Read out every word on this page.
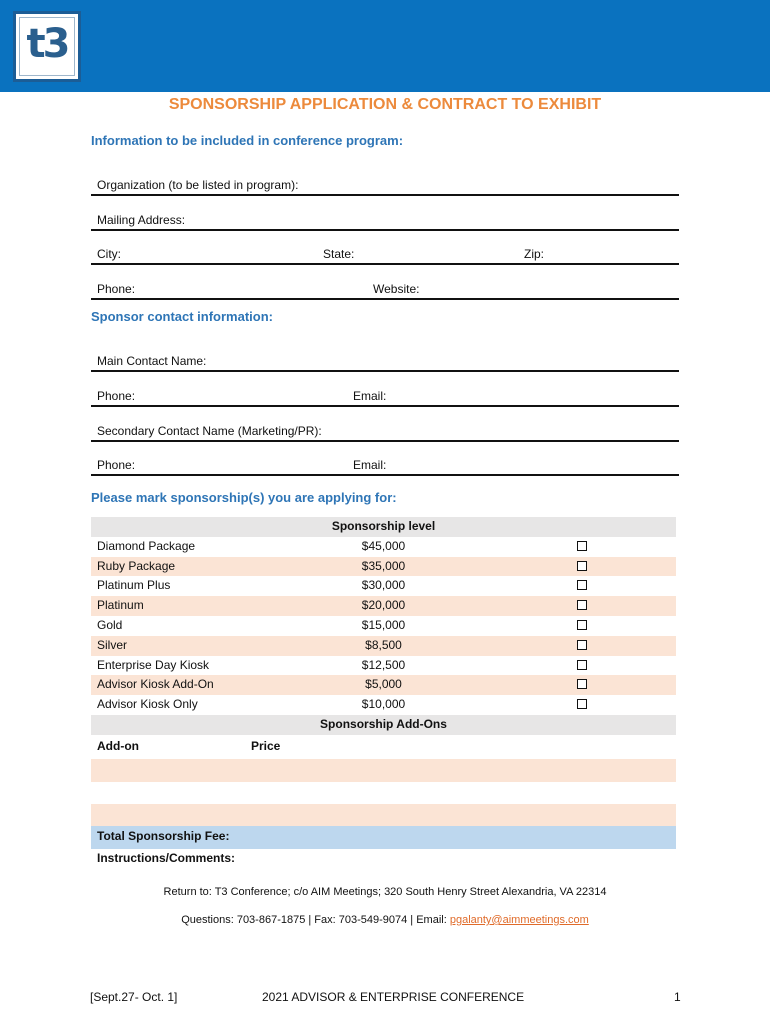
t3
SPONSORSHIP APPLICATION & CONTRACT TO EXHIBIT
Information to be included in conference program:
Organization (to be listed in program):
Mailing Address:
City:	State:	Zip:
Phone:	Website:
Sponsor contact information:
Main Contact Name:
Phone:	Email:
Secondary Contact Name (Marketing/PR):
Phone:	Email:
Please mark sponsorship(s) you are applying for:
Sponsorship level
Diamond Package	$45,000
Ruby Package	$35,000
Platinum Plus	$30,000
Platinum	$20,000
Gold	$15,000
Silver	$8,500
Enterprise Day Kiosk	$12,500
Advisor Kiosk Add-On	$5,000
Advisor Kiosk Only	$10,000
Sponsorship Add-Ons
Add-on	Price
Total Sponsorship Fee:
Instructions/Comments:
Return to: T3 Conference; c/o AIM Meetings; 320 South Henry Street Alexandria, VA 22314
Questions: 703-867-1875 | Fax: 703-549-9074 | Email: pgalanty@aimmeetings.com
[Sept.27- Oct. 1]	2021 ADVISOR & ENTERPRISE CONFERENCE	1
